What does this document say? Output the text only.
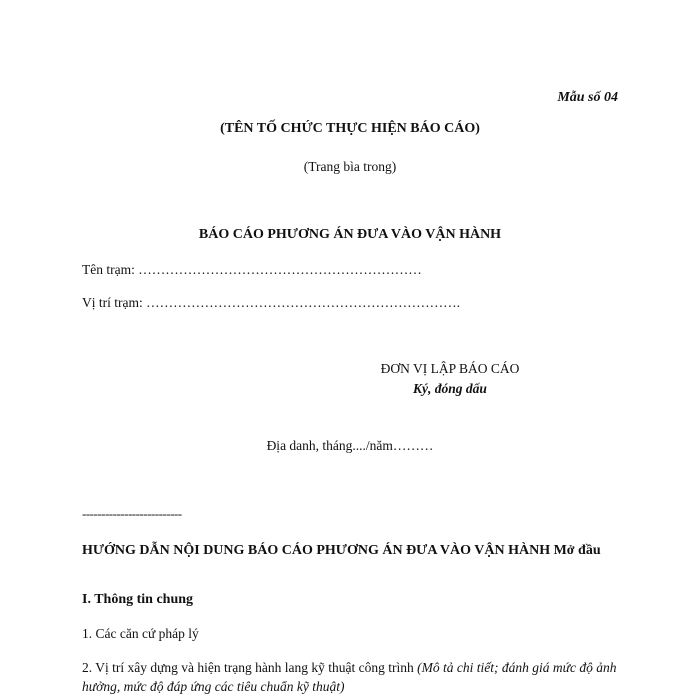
Mẫu số 04
(TÊN TỐ CHỨC THỰC HIỆN BÁO CÁO)
(Trang bìa trong)
BÁO CÁO PHƯƠNG ÁN ĐƯA VÀO VẬN HÀNH
Tên trạm: ………………………………………………………
Vị trí trạm: …………………………………………………………….
ĐƠN VỊ LẬP BÁO CÁO
Ký, đóng dấu
Địa danh, tháng..../năm………
--------------------------
HƯỚNG DẪN NỘI DUNG BÁO CÁO PHƯƠNG ÁN ĐƯA VÀO VẬN HÀNH Mở đầu
I. Thông tin chung
1. Các căn cứ pháp lý
2. Vị trí xây dựng và hiện trạng hành lang kỹ thuật công trình (Mô tả chi tiết; đánh giá mức độ ảnh hưởng, mức độ đáp ứng các tiêu chuẩn kỹ thuật)
